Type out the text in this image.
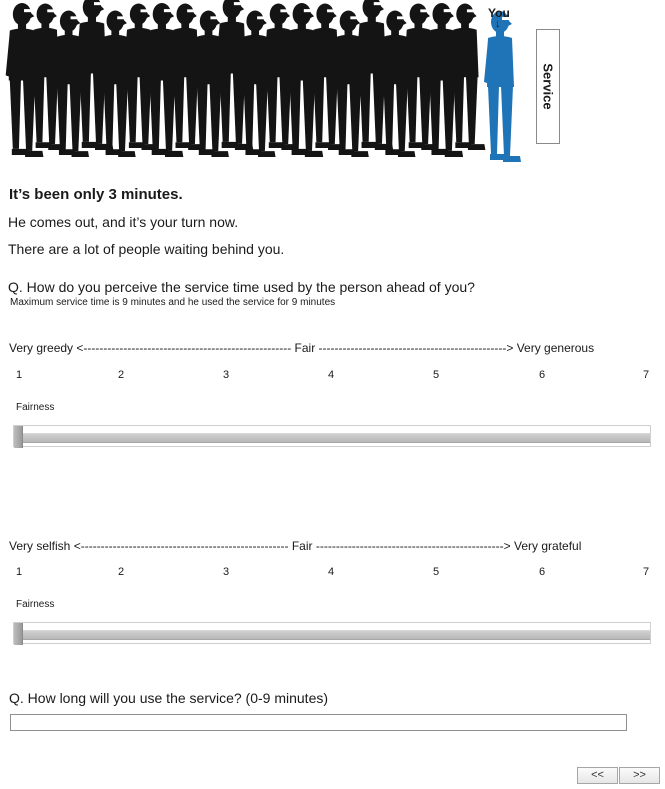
You
↓
Service
It’s been only 3 minutes.
He comes out, and it’s your turn now.
There are a lot of people waiting behind you.
Q. How do you perceive the service time used by the person ahead of you?
Maximum service time is 9 minutes and he used the service for 9 minutes
Very greedy <---------------------------------------------------- Fair -----------------------------------------------> Very generous
1	2	3	4	5	6	7
Fairness
Very selfish <---------------------------------------------------- Fair -----------------------------------------------> Very grateful
1	2	3	4	5	6	7
Fairness
Q. How long will you use the service? (0-9 minutes)
<<	>>
